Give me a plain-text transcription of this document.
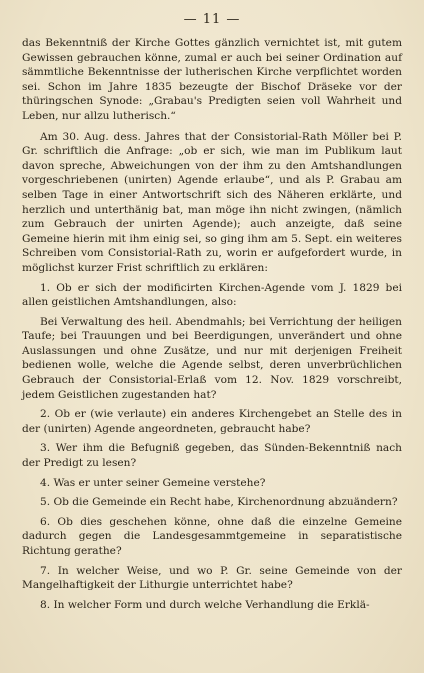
— 11 —

das Bekenntniß der Kirche Gottes gänzlich vernichtet ist, mit gutem Gewissen gebrauchen könne, zumal er auch bei seiner Ordination auf sämmtliche Bekenntnisse der lutherischen Kirche verpflichtet worden sei. Schon im Jahre 1835 bezeugte der Bischof Dräseke vor der thüringschen Synode: „Grabau's Predigten seien voll Wahrheit und Leben, nur allzu lutherisch.“

Am 30. Aug. dess. Jahres that der Consistorial-Rath Möller bei P. Gr. schriftlich die Anfrage: „ob er sich, wie man im Publikum laut davon spreche, Abweichungen von der ihm zu den Amtshandlungen vorgeschriebenen (unirten) Agende erlaube“, und als P. Grabau am selben Tage in einer Antwortschrift sich des Näheren erklärte, und herzlich und unterthänig bat, man möge ihn nicht zwingen, (nämlich zum Gebrauch der unirten Agende); auch anzeigte, daß seine Gemeine hierin mit ihm einig sei, so ging ihm am 5. Sept. ein weiteres Schreiben vom Consistorial-Rath zu, worin er aufgefordert wurde, in möglichst kurzer Frist schriftlich zu erklären:

1. Ob er sich der modificirten Kirchen-Agende vom J. 1829 bei allen geistlichen Amtshandlungen, also:

Bei Verwaltung des heil. Abendmahls; bei Verrichtung der heiligen Taufe; bei Trauungen und bei Beerdigungen, unverändert und ohne Auslassungen und ohne Zusätze, und nur mit derjenigen Freiheit bedienen wolle, welche die Agende selbst, deren unverbrüchlichen Gebrauch der Consistorial-Erlaß vom 12. Nov. 1829 vorschreibt, jedem Geistlichen zugestanden hat?

2. Ob er (wie verlaute) ein anderes Kirchengebet an Stelle des in der (unirten) Agende angeordneten, gebraucht habe?

3. Wer ihm die Befugniß gegeben, das Sünden-Bekenntniß nach der Predigt zu lesen?

4. Was er unter seiner Gemeine verstehe?

5. Ob die Gemeinde ein Recht habe, Kirchenordnung abzuändern?

6. Ob dies geschehen könne, ohne daß die einzelne Gemeine dadurch gegen die Landesgesammtgemeine in separatistische Richtung gerathe?

7. In welcher Weise, und wo P. Gr. seine Gemeinde von der Mangelhaftigkeit der Lithurgie unterrichtet habe?

8. In welcher Form und durch welche Verhandlung die Erklä-
